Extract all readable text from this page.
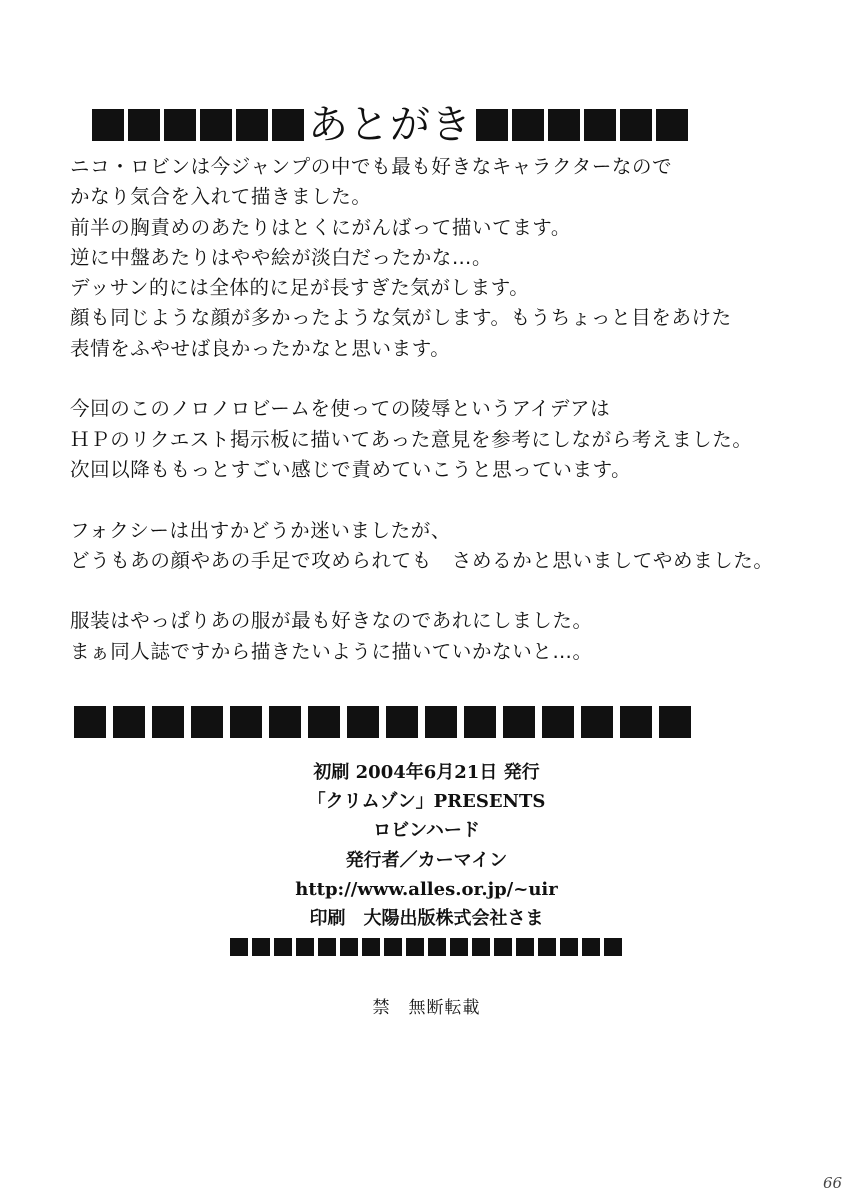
あとがき
ニコ・ロビンは今ジャンプの中でも最も好きなキャラクターなので
かなり気合を入れて描きました。
前半の胸責めのあたりはとくにがんばって描いてます。
逆に中盤あたりはやや絵が淡白だったかな…。
デッサン的には全体的に足が長すぎた気がします。
顔も同じような顔が多かったような気がします。もうちょっと目をあけた
表情をふやせば良かったかなと思います。
今回のこのノロノロビームを使っての陵辱というアイデアは
ＨＰのリクエスト掲示板に描いてあった意見を参考にしながら考えました。
次回以降ももっとすごい感じで責めていこうと思っています。
フォクシーは出すかどうか迷いましたが、
どうもあの顔やあの手足で攻められても　さめるかと思いましてやめました。
服装はやっぱりあの服が最も好きなのであれにしました。
まぁ同人誌ですから描きたいように描いていかないと…。
初刷 2004年6月21日 発行
「クリムゾン」PRESENTS
ロビンハード
発行者／カーマイン
http://www.alles.or.jp/~uir
印刷　大陽出版株式会社さま
禁　無断転載
66
